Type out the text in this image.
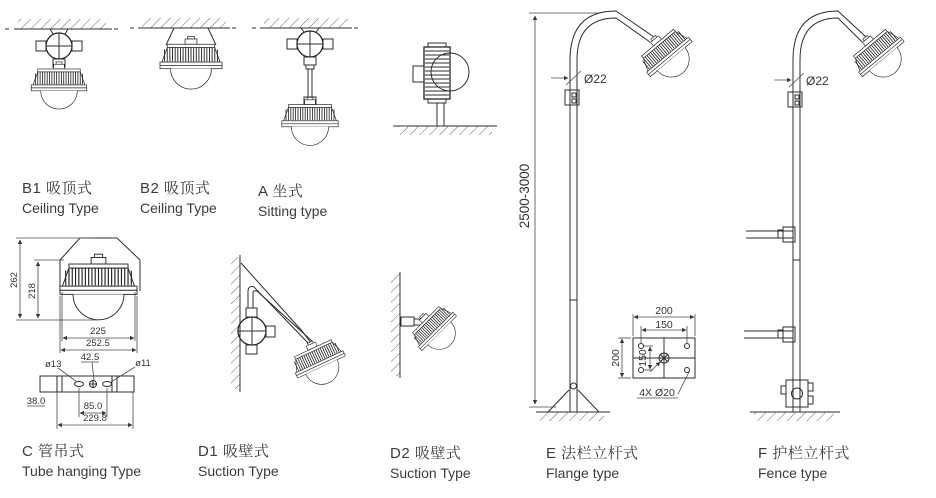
262
218
225
252.5
ø13
42.5
ø11
38.0	85.0
229.8
2500-3000
Ø22
200
150
200 150
4X Ø20
Ø22
B1 吸顶式
Ceiling Type
B2 吸顶式
Ceiling Type
A 坐式
Sitting type
C 管吊式
Tube hanging Type
D1 吸壁式
Suction Type
D2 吸壁式
Suction Type
E 法栏立杆式
Flange type
F 护栏立杆式
Fence type
